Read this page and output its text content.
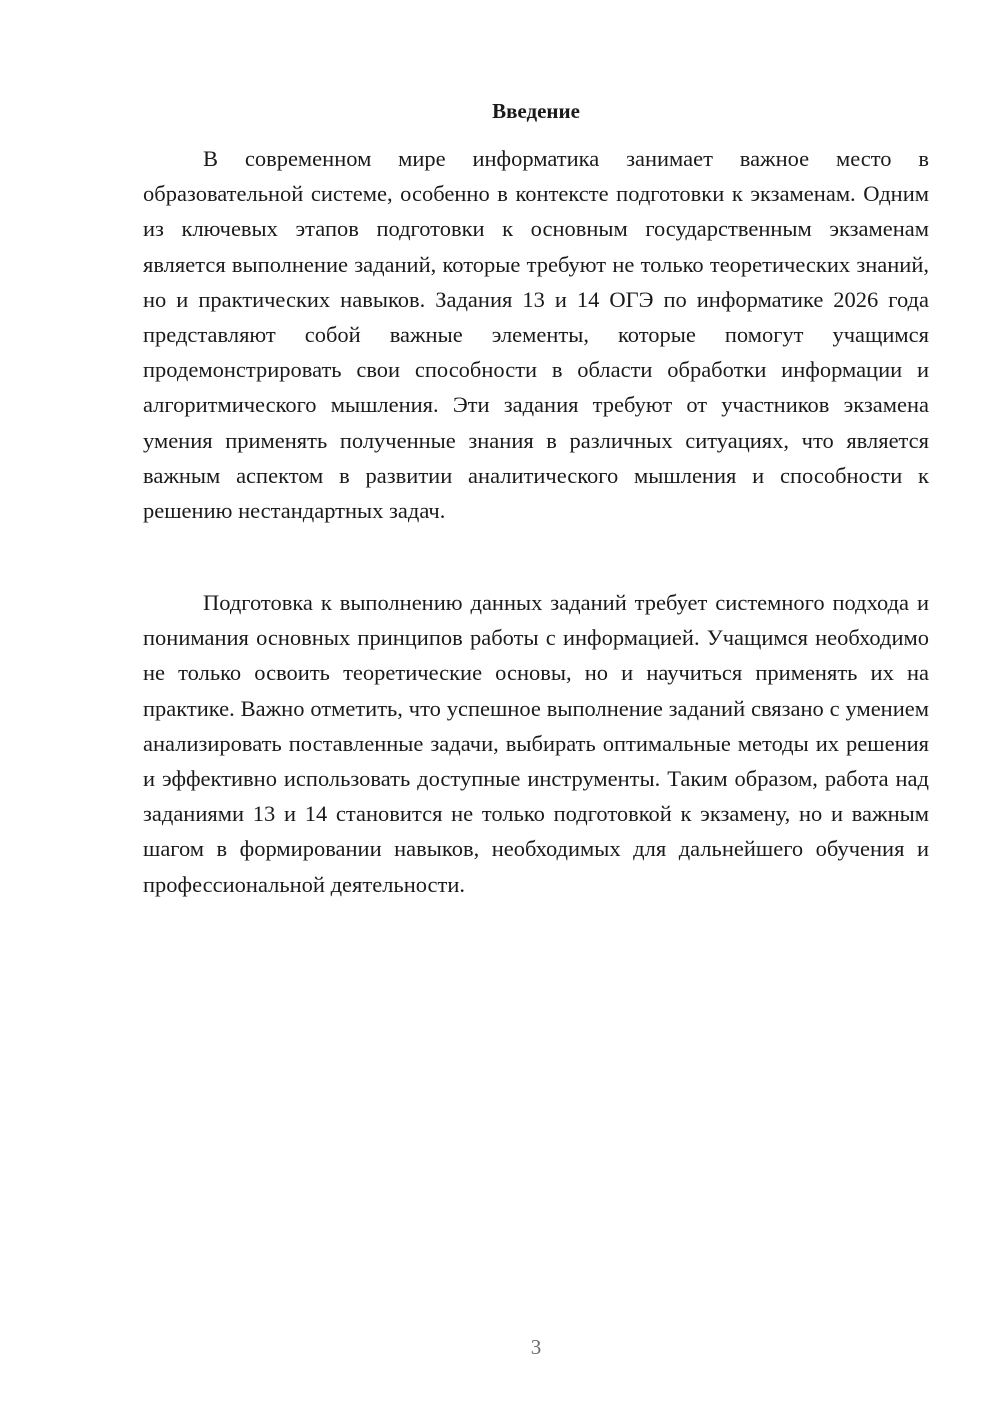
Введение

В современном мире информатика занимает важное место в образовательной системе, особенно в контексте подготовки к экзаменам. Одним из ключевых этапов подготовки к основным государственным экзаменам является выполнение заданий, которые требуют не только теоретических знаний, но и практических навыков. Задания 13 и 14 ОГЭ по информатике 2026 года представляют собой важные элементы, которые помогут учащимся продемонстрировать свои способности в области обработки информации и алгоритмического мышления. Эти задания требуют от участников экзамена умения применять полученные знания в различных ситуациях, что является важным аспектом в развитии аналитического мышления и способности к решению нестандартных задач.

Подготовка к выполнению данных заданий требует системного подхода и понимания основных принципов работы с информацией. Учащимся необходимо не только освоить теоретические основы, но и научиться применять их на практике. Важно отметить, что успешное выполнение заданий связано с умением анализировать поставленные задачи, выбирать оптимальные методы их решения и эффективно использовать доступные инструменты. Таким образом, работа над заданиями 13 и 14 становится не только подготовкой к экзамену, но и важным шагом в формировании навыков, необходимых для дальнейшего обучения и профессиональной деятельности.

3
